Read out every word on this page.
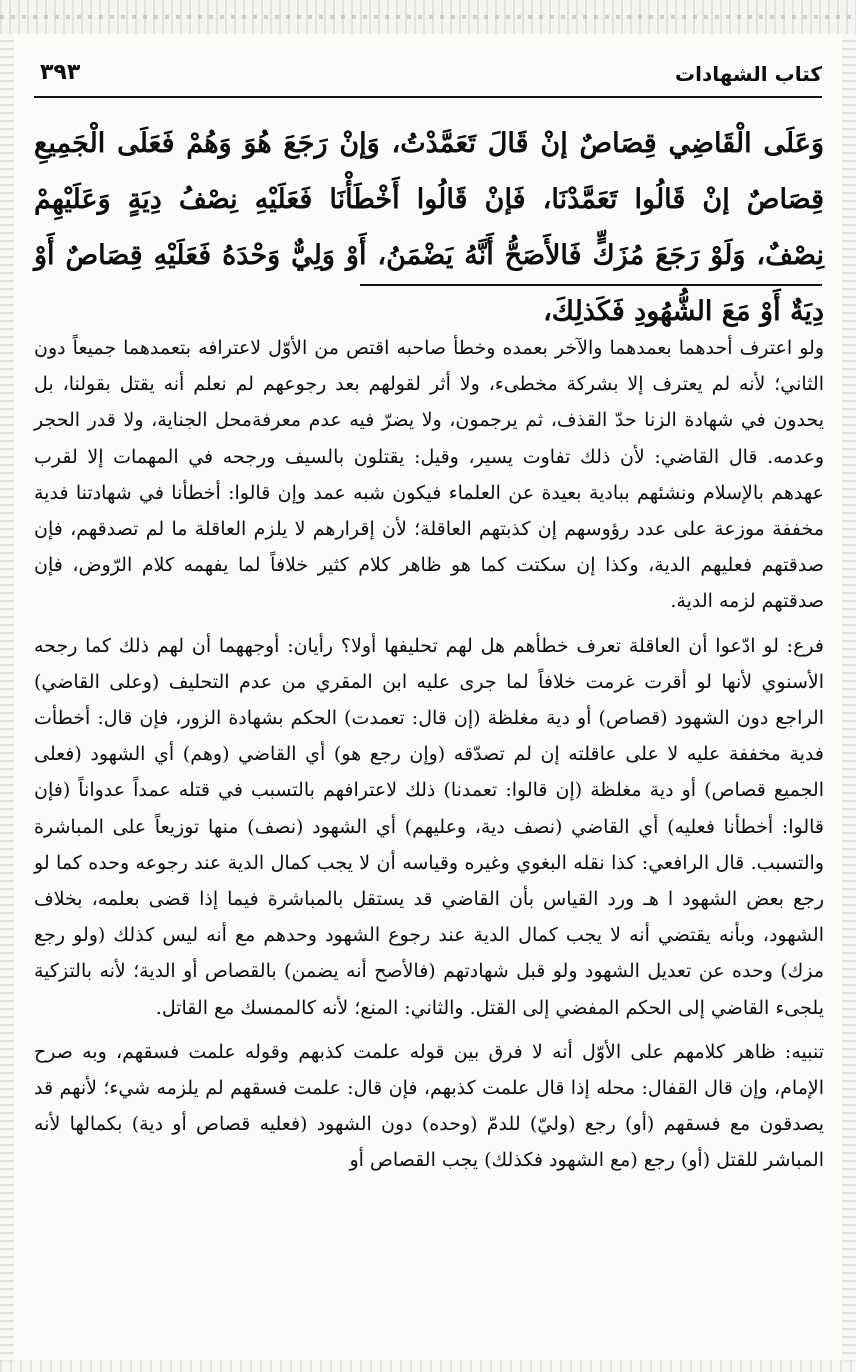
كتاب الشهادات
٣٩٣

وَعَلَى الْقَاضِي قِصَاصٌ إنْ قَالَ تَعَمَّدْتُ، وَإنْ رَجَعَ هُوَ وَهُمْ فَعَلَى الْجَمِيعِ قِصَاصٌ إنْ قَالُوا تَعَمَّدْنَا، فَإنْ قَالُوا أَخْطَأْنَا فَعَلَيْهِ نِصْفُ دِيَةٍ وَعَلَيْهِمْ نِصْفٌ، وَلَوْ رَجَعَ مُزَكٍّ فَالأَصَحُّ أَنَّهُ يَضْمَنُ، أَوْ وَلِيٌّ وَحْدَهُ فَعَلَيْهِ قِصَاصٌ أَوْ دِيَةٌ أَوْ مَعَ الشُّهُودِ فَكَذلِكَ،

ولو اعترف أحدهما بعمدهما والآخر بعمده وخطأ صاحبه اقتص من الأوّل لاعترافه بتعمدهما جميعاً دون الثاني؛ لأنه لم يعترف إلا بشركة مخطىء، ولا أثر لقولهم بعد رجوعهم لم نعلم أنه يقتل بقولنا، بل يحدون في شهادة الزنا حدّ القذف، ثم يرجمون، ولا يضرّ فيه عدم معرفةمحل الجناية، ولا قدر الحجر وعدمه. قال القاضي: لأن ذلك تفاوت يسير، وقيل: يقتلون بالسيف ورجحه في المهمات إلا لقرب عهدهم بالإسلام ونشئهم ببادية بعيدة عن العلماء فيكون شبه عمد وإن قالوا: أخطأنا في شهادتنا فدية مخففة موزعة على عدد رؤوسهم إن كذبتهم العاقلة؛ لأن إقرارهم لا يلزم العاقلة ما لم تصدقهم، فإن صدقتهم فعليهم الدية، وكذا إن سكتت كما هو ظاهر كلام كثير خلافاً لما يفهمه كلام الرّوض، فإن صدقتهم لزمه الدية.

فرع: لو ادّعوا أن العاقلة تعرف خطأهم هل لهم تحليفها أولا؟ رأيان: أوجههما أن لهم ذلك كما رجحه الأسنوي لأنها لو أقرت غرمت خلافاً لما جرى عليه ابن المقري من عدم التحليف (وعلى القاضي) الراجع دون الشهود (قصاص) أو دية مغلظة (إن قال: تعمدت) الحكم بشهادة الزور، فإن قال: أخطأت فدية مخففة عليه لا على عاقلته إن لم تصدّقه (وإن رجع هو) أي القاضي (وهم) أي الشهود (فعلى الجميع قصاص) أو دية مغلظة (إن قالوا: تعمدنا) ذلك لاعترافهم بالتسبب في قتله عمداً عدواناً (فإن قالوا: أخطأنا فعليه) أي القاضي (نصف دية، وعليهم) أي الشهود (نصف) منها توزيعاً على المباشرة والتسبب. قال الرافعي: كذا نقله البغوي وغيره وقياسه أن لا يجب كمال الدية عند رجوعه وحده كما لو رجع بعض الشهود ا هـ ورد القياس بأن القاضي قد يستقل بالمباشرة فيما إذا قضى بعلمه، بخلاف الشهود، وبأنه يقتضي أنه لا يجب كمال الدية عند رجوع الشهود وحدهم مع أنه ليس كذلك (ولو رجع مزك) وحده عن تعديل الشهود ولو قبل شهادتهم (فالأصح أنه يضمن) بالقصاص أو الدية؛ لأنه بالتزكية يلجىء القاضي إلى الحكم المفضي إلى القتل. والثاني: المنع؛ لأنه كالممسك مع القاتل.

تنبيه: ظاهر كلامهم على الأوّل أنه لا فرق بين قوله علمت كذبهم وقوله علمت فسقهم، وبه صرح الإمام، وإن قال القفال: محله إذا قال علمت كذبهم، فإن قال: علمت فسقهم لم يلزمه شيء؛ لأنهم قد يصدقون مع فسقهم (أو) رجع (وليّ) للدمّ (وحده) دون الشهود (فعليه قصاص أو دية) بكمالها لأنه المباشر للقتل (أو) رجع (مع الشهود فكذلك) يجب القصاص أو
